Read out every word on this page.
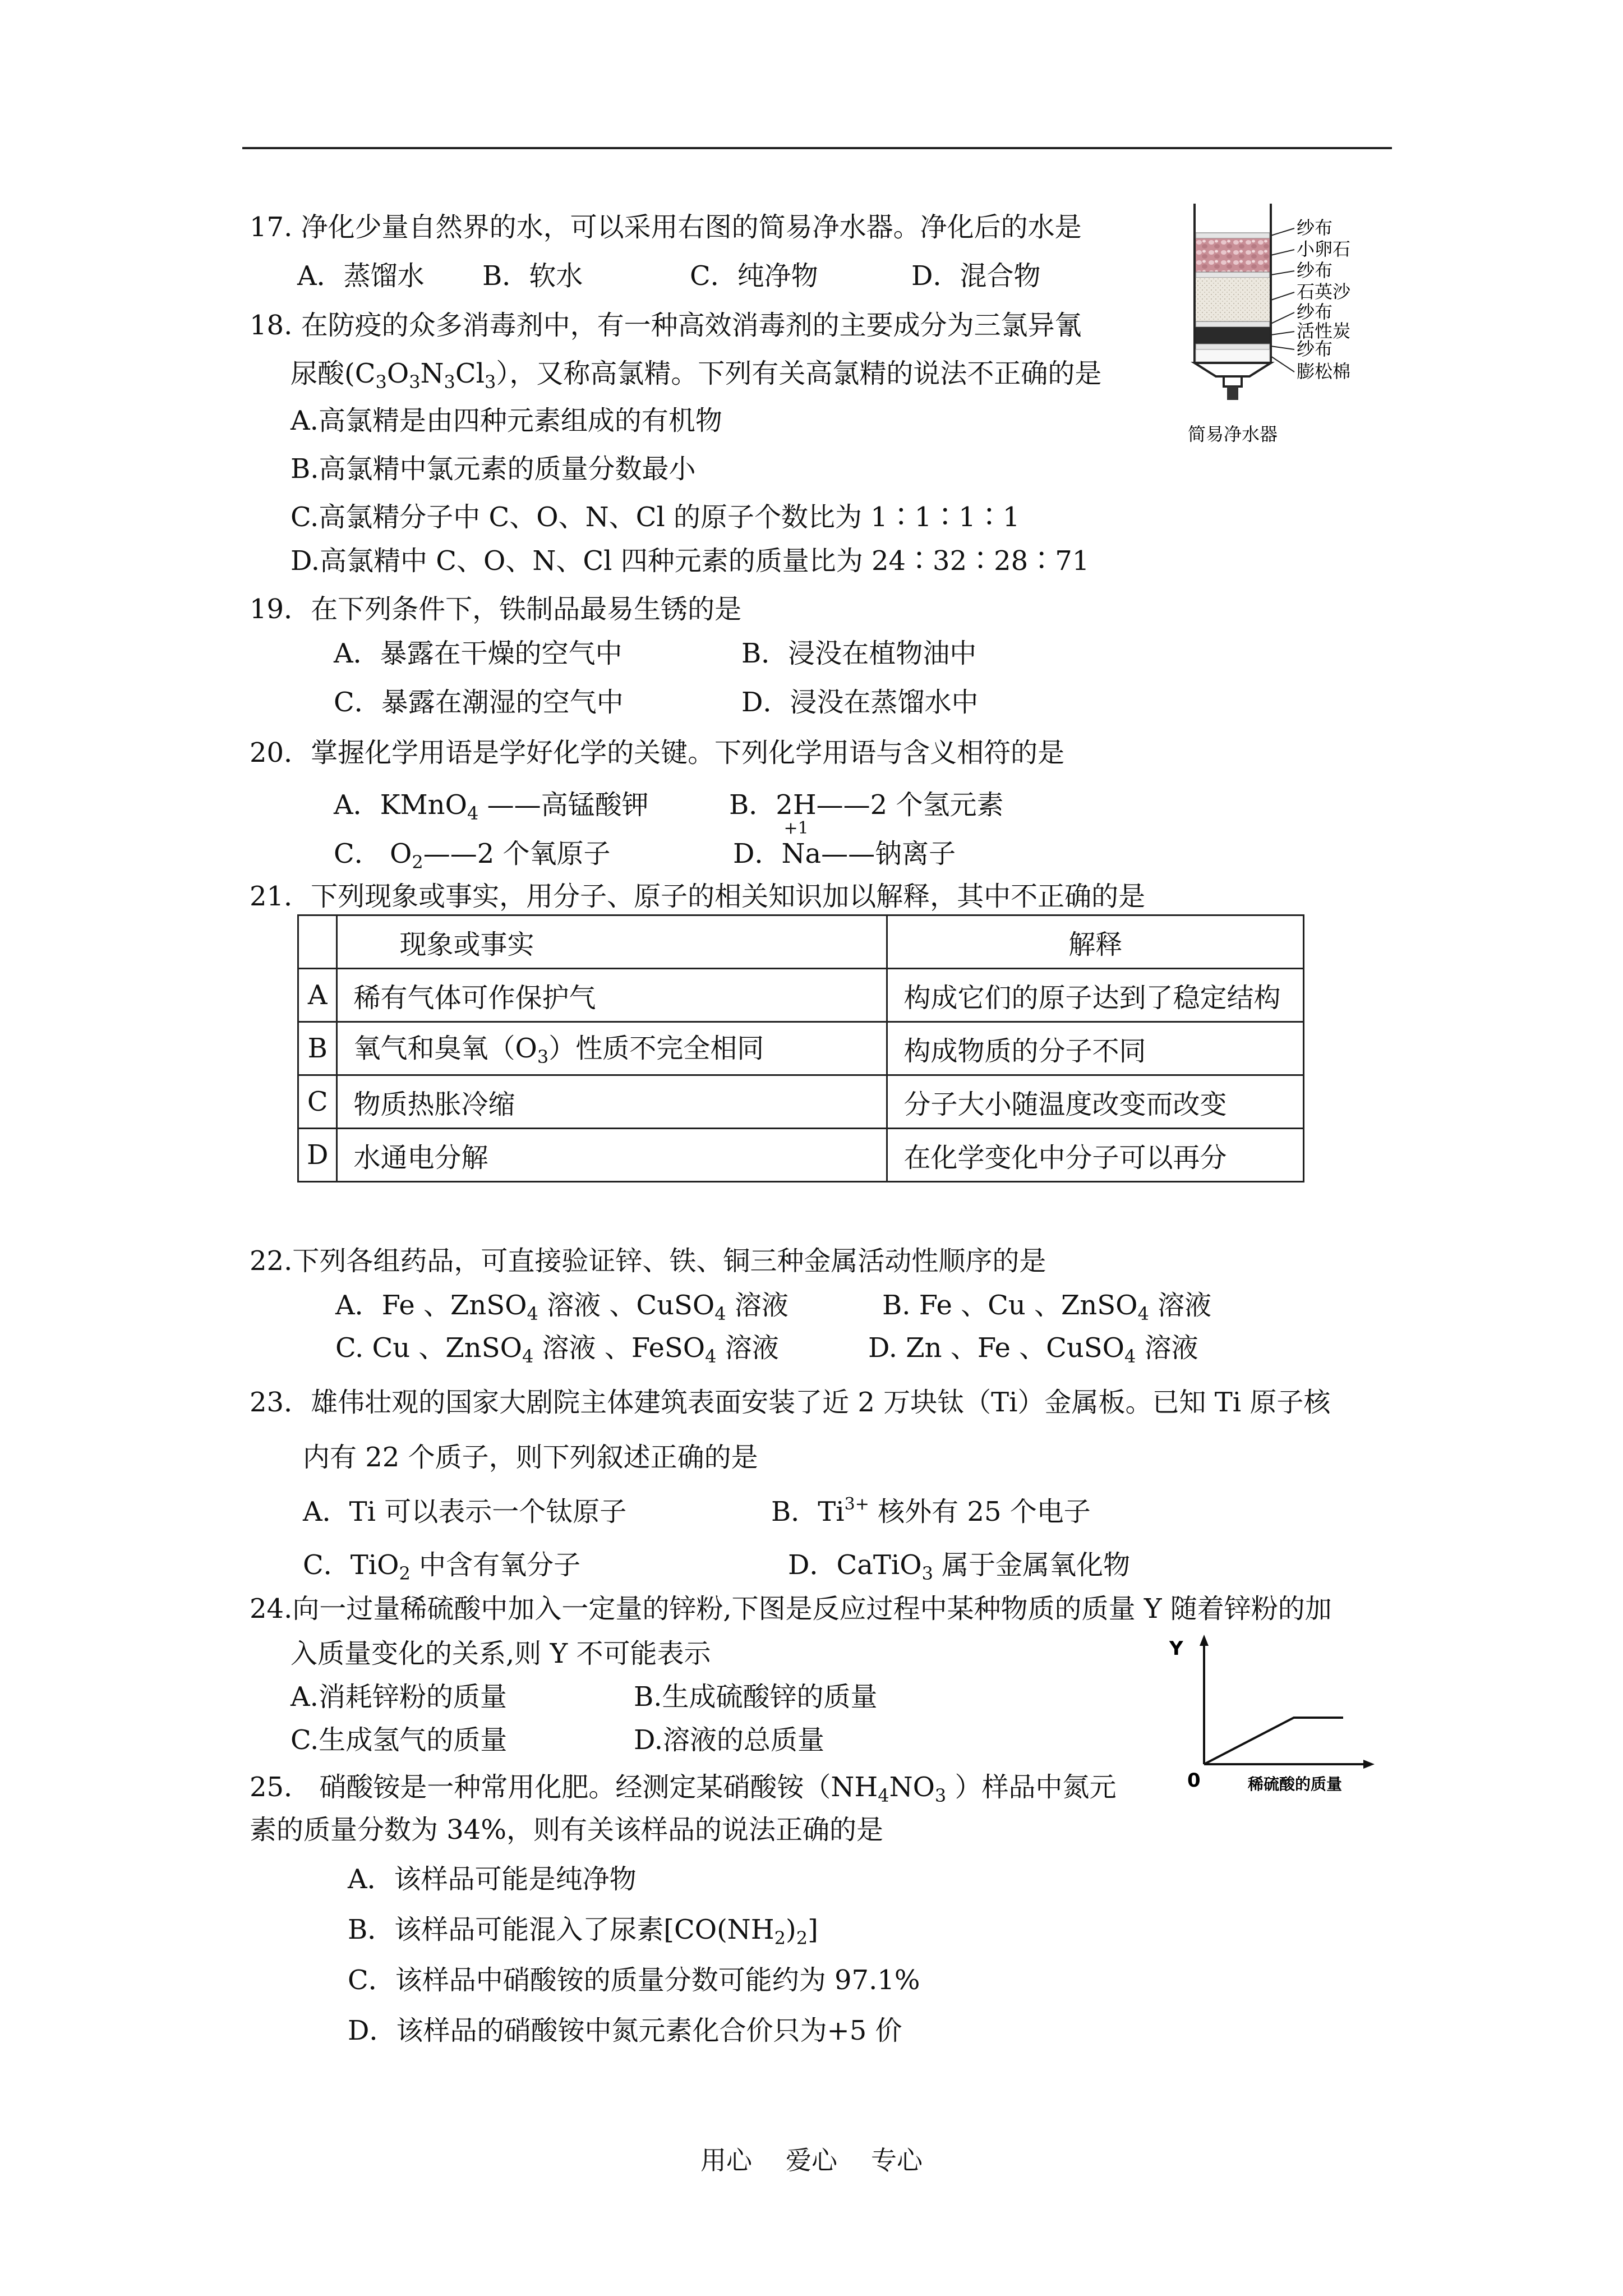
17. 净化少量自然界的水，可以采用右图的简易净水器。净化后的水是
A．蒸馏水 B．软水	C．纯净物	D．混合物
纱布
小卵石
纱布
石英沙
纱布
活性炭
纱布
膨松棉
简易净水器
18. 在防疫的众多消毒剂中，有一种高效消毒剂的主要成分为三氯异氰
尿酸$(C_3O_3N_3Cl_3)$，又称高氯精。下列有关高氯精的说法不正确的是
A.高氯精是由四种元素组成的有机物
B.高氯精中氯元素的质量分数最小
C.高氯精分子中 C、O、N、Cl 的原子个数比为 1∶1∶1∶1
D.高氯精中 C、O、N、Cl 四种元素的质量比为 24∶32∶28∶71
19．在下列条件下，铁制品最易生锈的是
A．暴露在干燥的空气中	B．浸没在植物油中
C．暴露在潮湿的空气中	D．浸没在蒸馏水中
20．掌握化学用语是学好化学的关键。下列化学用语与含义相符的是
A．KMnO$_4$ ——高锰酸钾	B．2H——2 个氢元素
C． $O_2——2$ 个氧原子	D．
+1
Na——钠离子
21．下列现象或事实，用分子、原子的相关知识加以解释，其中不正确的是
	现象或事实	解释
A	稀有气体可作保护气	构成它们的原子达到了稳定结构
B	氧气和臭氧$(O_3)$性质不完全相同	构成物质的分子不同
C	物质热胀冷缩	分子大小随温度改变而改变
D	水通电分解	在化学变化中分子可以再分
22.下列各组药品，可直接验证锌、铁、铜三种金属活动性顺序的是
A．Fe 、ZnSO$_4$ 溶液 、CuSO$_4$ 溶液	B. Fe 、Cu 、ZnSO$_4$ 溶液
C. Cu 、ZnSO$_4$ 溶液 、FeSO$_4$ 溶液	D. Zn 、Fe 、CuSO$_4$ 溶液
23．雄伟壮观的国家大剧院主体建筑表面安装了近 2 万块钛（Ti）金属板。已知 Ti 原子核
内有 22 个质子，则下列叙述正确的是
A．Ti 可以表示一个钛原子	B．$Ti^{3+}$ 核外有 25 个电子
C．TiO$_2$ 中含有氧分子	D．CaTiO$_3$ 属于金属氧化物
24.向一过量稀硫酸中加入一定量的锌粉,下图是反应过程中某种物质的质量 Y 随着锌粉的加
入质量变化的关系,则 Y 不可能表示
A.消耗锌粉的质量	B.生成硫酸锌的质量
C.生成氢气的质量	D.溶液的总质量
Y
0	稀硫酸的质量
25． 硝酸铵是一种常用化肥。经测定某硝酸铵（$NH_4NO_3$ ）样品中氮元
素的质量分数为 34%，则有关该样品的说法正确的是
A．该样品可能是纯净物
B．该样品可能混入了尿素$[CO(NH_2)_2]$
C．该样品中硝酸铵的质量分数可能约为 97.1%
D．该样品的硝酸铵中氮元素化合价只为+5 价
用心 爱心 专心
